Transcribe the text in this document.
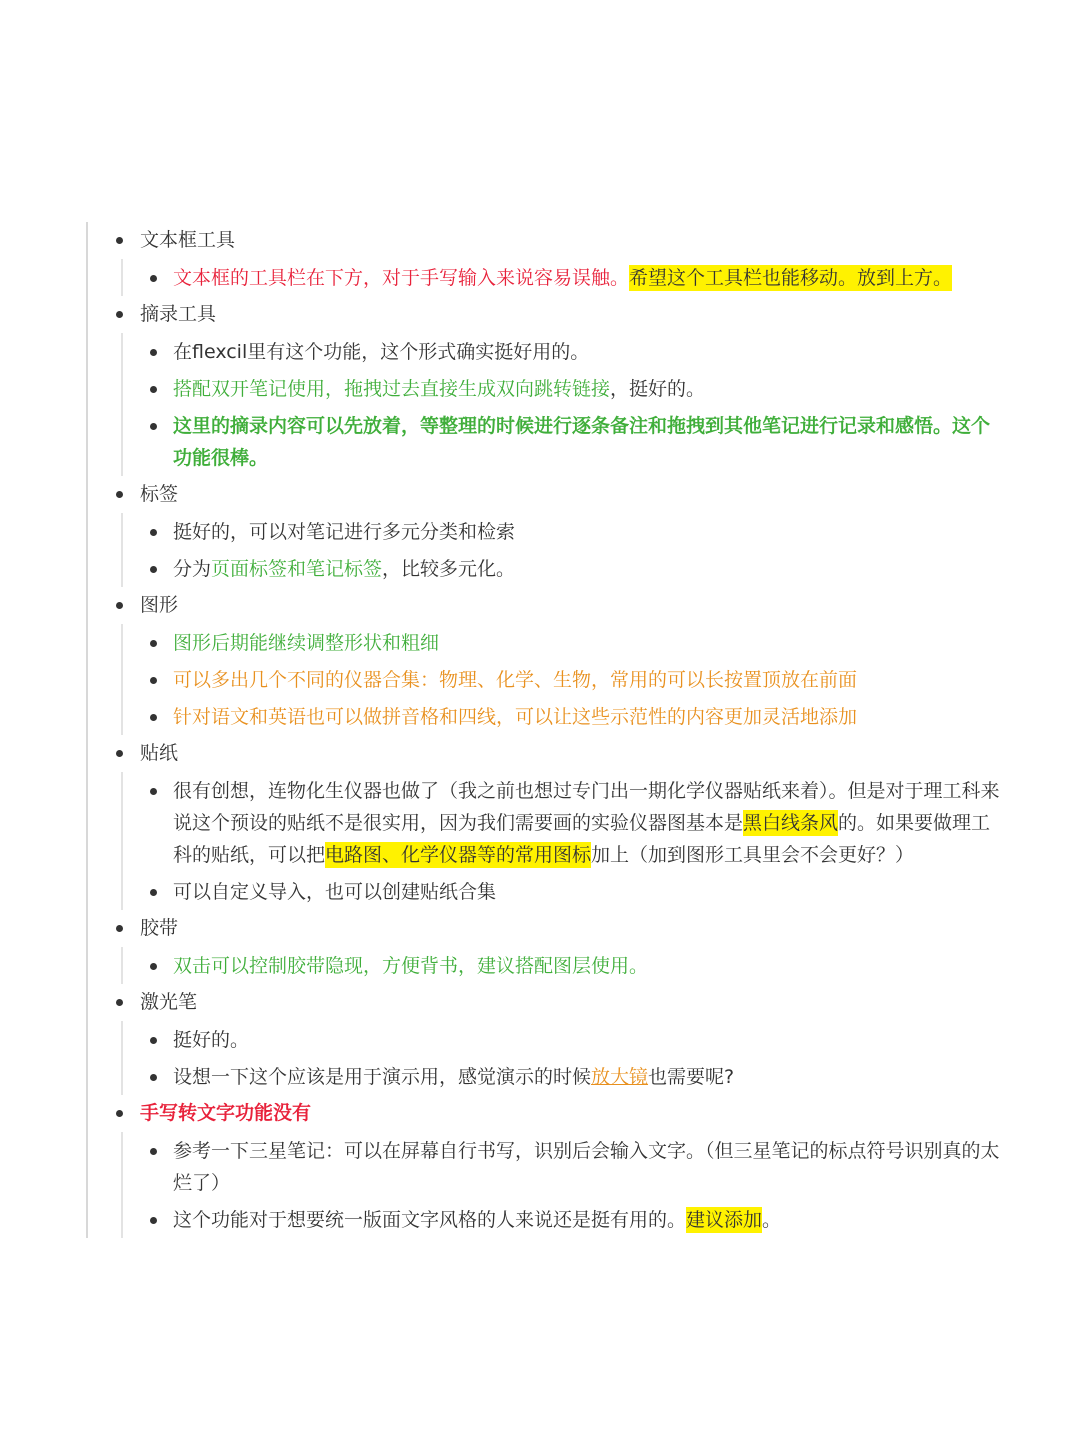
文本框工具
文本框的工具栏在下方，对于手写输入来说容易误触。希望这个工具栏也能移动。放到上方。
摘录工具
在flexcil里有这个功能，这个形式确实挺好用的。
搭配双开笔记使用，拖拽过去直接生成双向跳转链接，挺好的。
这里的摘录内容可以先放着，等整理的时候进行逐条备注和拖拽到其他笔记进行记录和感悟。这个功能很棒。
标签
挺好的，可以对笔记进行多元分类和检索
分为页面标签和笔记标签，比较多元化。
图形
图形后期能继续调整形状和粗细
可以多出几个不同的仪器合集：物理、化学、生物，常用的可以长按置顶放在前面
针对语文和英语也可以做拼音格和四线，可以让这些示范性的内容更加灵活地添加
贴纸
很有创想，连物化生仪器也做了（我之前也想过专门出一期化学仪器贴纸来着）。但是对于理工科来说这个预设的贴纸不是很实用，因为我们需要画的实验仪器图基本是黑白线条风的。如果要做理工科的贴纸，可以把电路图、化学仪器等的常用图标加上（加到图形工具里会不会更好？）
可以自定义导入，也可以创建贴纸合集
胶带
双击可以控制胶带隐现，方便背书，建议搭配图层使用。
激光笔
挺好的。
设想一下这个应该是用于演示用，感觉演示的时候放大镜也需要呢?
手写转文字功能没有
参考一下三星笔记：可以在屏幕自行书写，识别后会输入文字。（但三星笔记的标点符号识别真的太烂了）
这个功能对于想要统一版面文字风格的人来说还是挺有用的。建议添加。
